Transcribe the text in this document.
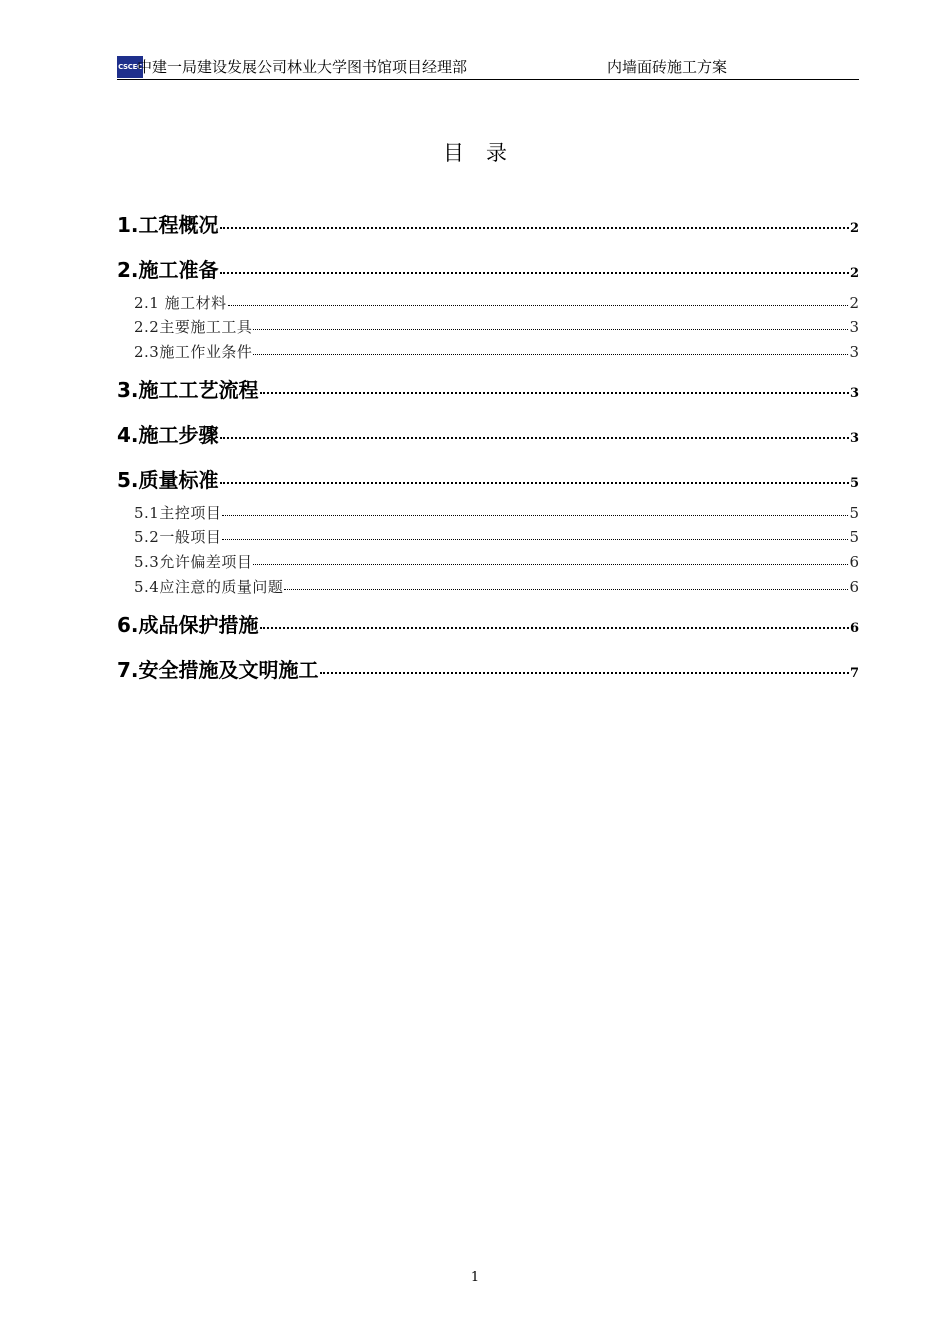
CSCEC
中建一局建设发展公司林业大学图书馆项目经理部	内墙面砖施工方案
目录
1.工程概况	2
2.施工准备	2
2.1 施工材料	2
2.2主要施工工具	3
2.3施工作业条件	3
3.施工工艺流程	3
4.施工步骤	3
5.质量标准	5
5.1主控项目	5
5.2一般项目	5
5.3允许偏差项目	6
5.4应注意的质量问题	6
6.成品保护措施	6
7.安全措施及文明施工	7
1
